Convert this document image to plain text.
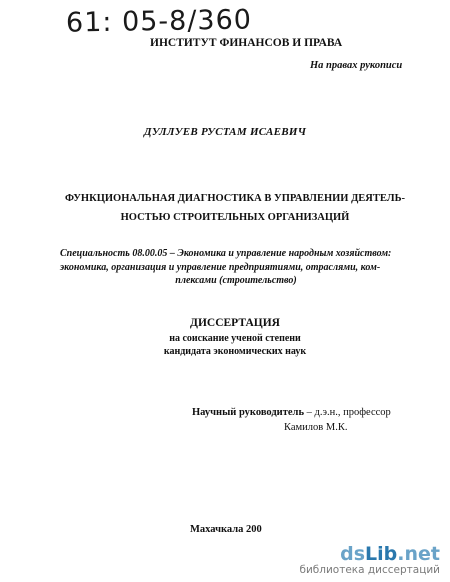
61: 05-8/360
ИНСТИТУТ ФИНАНСОВ И ПРАВА
На правах рукописи
ДУЛЛУЕВ РУСТАМ ИСАЕВИЧ
ФУНКЦИОНАЛЬНАЯ ДИАГНОСТИКА В УПРАВЛЕНИИ ДЕЯТЕЛЬ-
НОСТЬЮ СТРОИТЕЛЬНЫХ ОРГАНИЗАЦИЙ
Специальность 08.00.05 – Экономика и управление народным хозяйством:
экономика, организация и управление предприятиями, отраслями, ком-
плексами (строительство)
ДИССЕРТАЦИЯ
на соискание ученой степени
кандидата экономических наук
Научный руководитель – д.э.н., профессор
Камилов М.К.
Махачкала 200
dsLib.net
библиотека диссертаций
